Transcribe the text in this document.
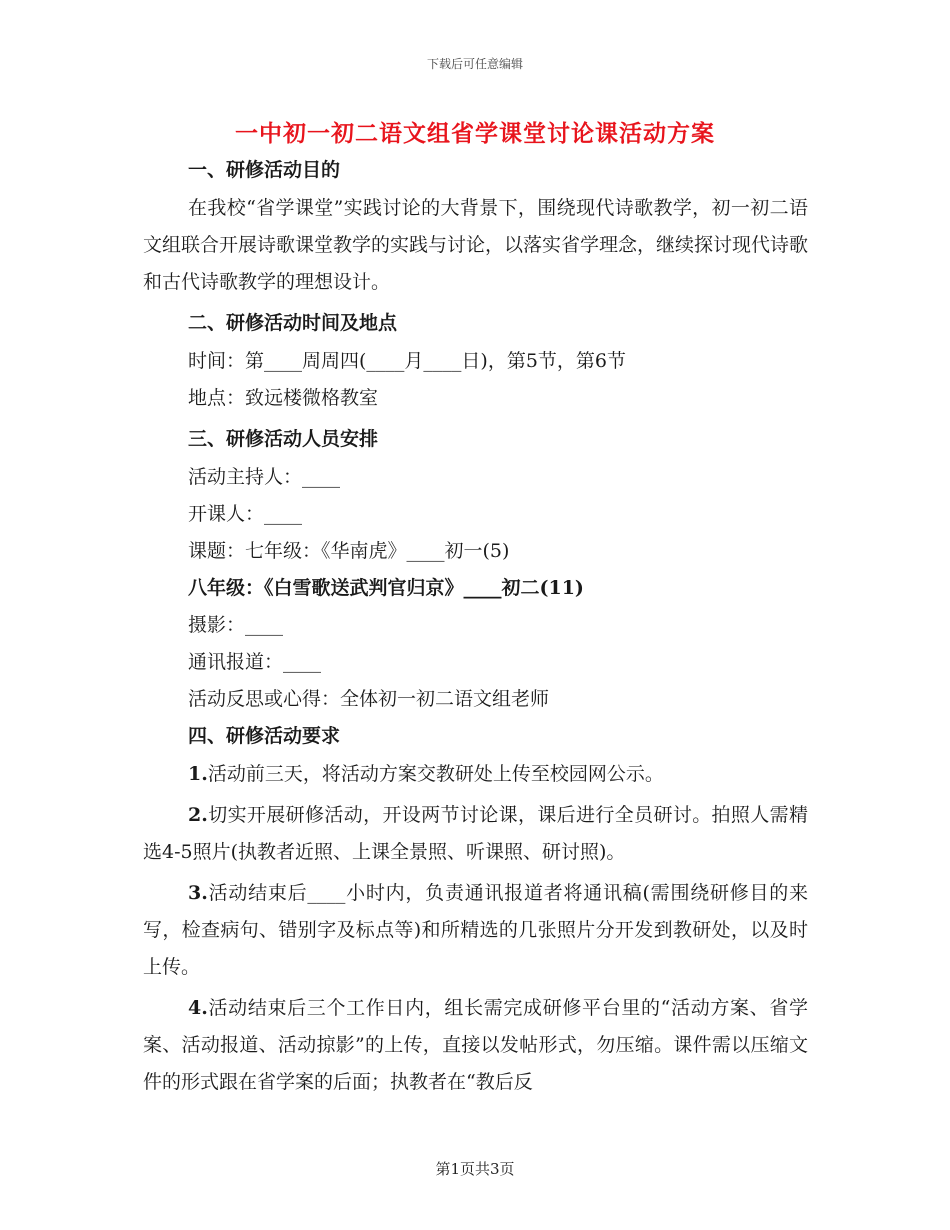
下载后可任意编辑
一中初一初二语文组省学课堂讨论课活动方案
一、研修活动目的
在我校“省学课堂”实践讨论的大背景下，围绕现代诗歌教学，初一初二语文组联合开展诗歌课堂教学的实践与讨论，以落实省学理念，继续探讨现代诗歌和古代诗歌教学的理想设计。
二、研修活动时间及地点
时间：第____周周四(____月____日)，第5节，第6节
地点：致远楼微格教室
三、研修活动人员安排
活动主持人：____
开课人：____
课题：七年级：《华南虎》____初一(5)
八年级：《白雪歌送武判官归京》____初二(11)
摄影：____
通讯报道：____
活动反思或心得：全体初一初二语文组老师
四、研修活动要求
1.活动前三天，将活动方案交教研处上传至校园网公示。
2.切实开展研修活动，开设两节讨论课，课后进行全员研讨。拍照人需精选4-5照片(执教者近照、上课全景照、听课照、研讨照)。
3.活动结束后____小时内，负责通讯报道者将通讯稿(需围绕研修目的来写，检查病句、错别字及标点等)和所精选的几张照片分开发到教研处，以及时上传。
4.活动结束后三个工作日内，组长需完成研修平台里的“活动方案、省学案、活动报道、活动掠影”的上传，直接以发帖形式，勿压缩。课件需以压缩文件的形式跟在省学案的后面；执教者在“教后反
第1页共3页
